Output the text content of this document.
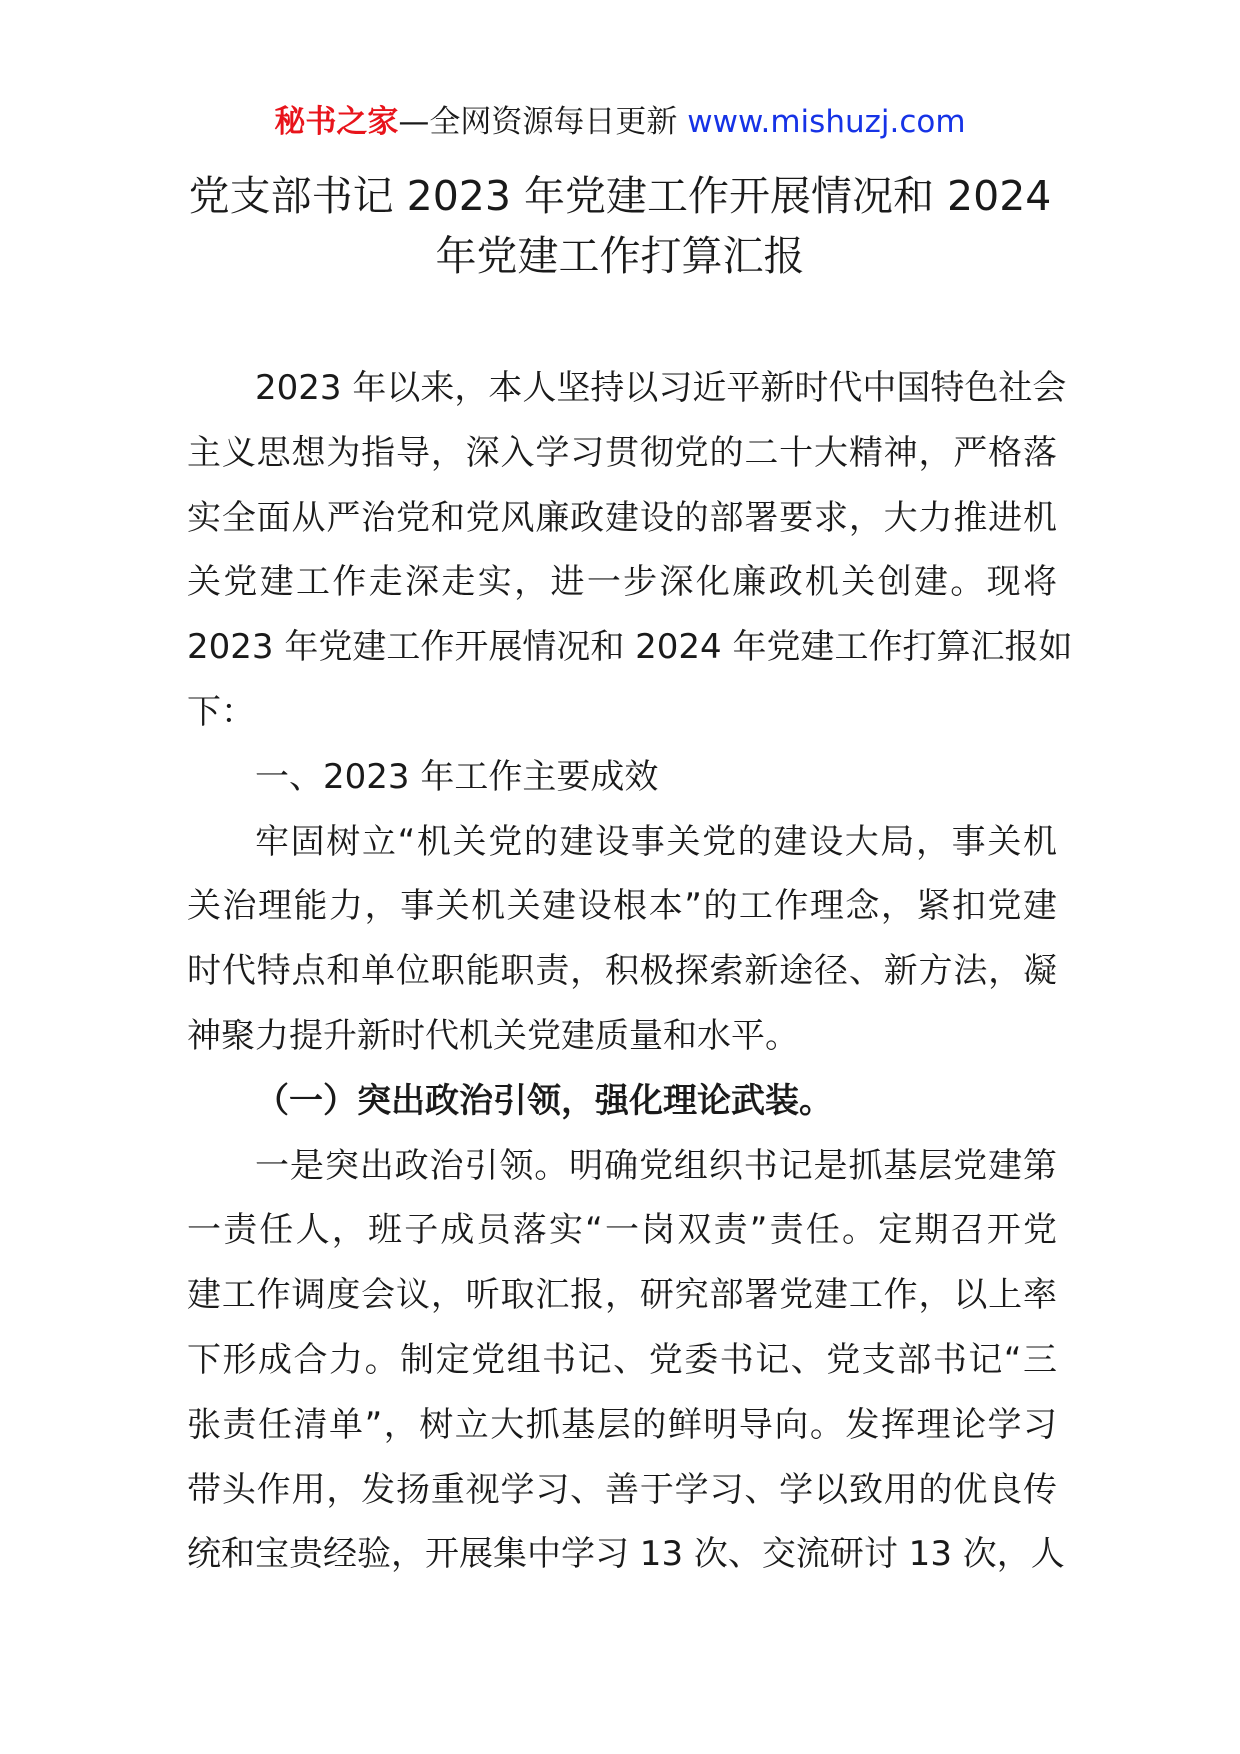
秘书之家—全网资源每日更新 www.mishuzj.com
党支部书记 2023 年党建工作开展情况和 2024
年党建工作打算汇报
2023 年以来，本人坚持以习近平新时代中国特色社会
主义思想为指导，深入学习贯彻党的二十大精神，严格落
实全面从严治党和党风廉政建设的部署要求，大力推进机
关党建工作走深走实，进一步深化廉政机关创建。现将
2023 年党建工作开展情况和 2024 年党建工作打算汇报如
下：
一、2023 年工作主要成效
牢固树立“机关党的建设事关党的建设大局，事关机
关治理能力，事关机关建设根本”的工作理念，紧扣党建
时代特点和单位职能职责，积极探索新途径、新方法，凝
神聚力提升新时代机关党建质量和水平。
（一）突出政治引领，强化理论武装。
一是突出政治引领。明确党组织书记是抓基层党建第
一责任人，班子成员落实“一岗双责”责任。定期召开党
建工作调度会议，听取汇报，研究部署党建工作，以上率
下形成合力。制定党组书记、党委书记、党支部书记“三
张责任清单”，树立大抓基层的鲜明导向。发挥理论学习
带头作用，发扬重视学习、善于学习、学以致用的优良传
统和宝贵经验，开展集中学习 13 次、交流研讨 13 次，人
